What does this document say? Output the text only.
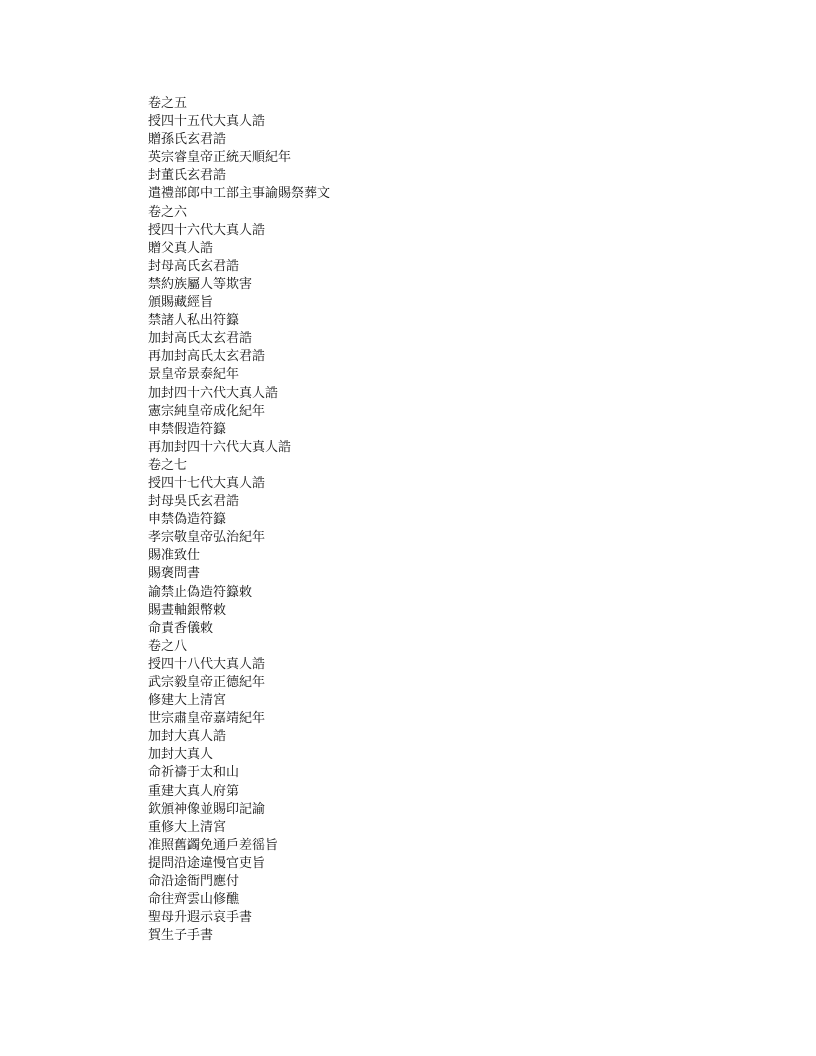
卷之五
授四十五代大真人誥
贈孫氏玄君誥
英宗睿皇帝正統天順紀年
封董氏玄君誥
遣禮部郎中工部主事諭賜祭葬文
卷之六
授四十六代大真人誥
贈父真人誥
封母高氏玄君誥
禁約族屬人等欺害
頒賜藏經旨
禁諸人私出符籙
加封高氏太玄君誥
再加封高氏太玄君誥
景皇帝景泰紀年
加封四十六代大真人誥
憲宗純皇帝成化紀年
申禁假造符籙
再加封四十六代大真人誥
卷之七
授四十七代大真人誥
封母吳氏玄君誥
申禁偽造符籙
孝宗敬皇帝弘治紀年
賜准致仕
賜褒問書
諭禁止偽造符籙敕
賜晝軸銀幣敕
命責香儀敕
卷之八
授四十八代大真人誥
武宗毅皇帝正德紀年
修建大上清宮
世宗肅皇帝嘉靖紀年
加封大真人誥
加封大真人
命祈禱于太和山
重建大真人府第
欽頒神像並賜印記諭
重修大上清宮
准照舊蠲免通戶差徭旨
提問沿途違慢官吏旨
命沿途衙門應付
命往齊雲山修醮
聖母升遐示哀手書
賀生子手書
